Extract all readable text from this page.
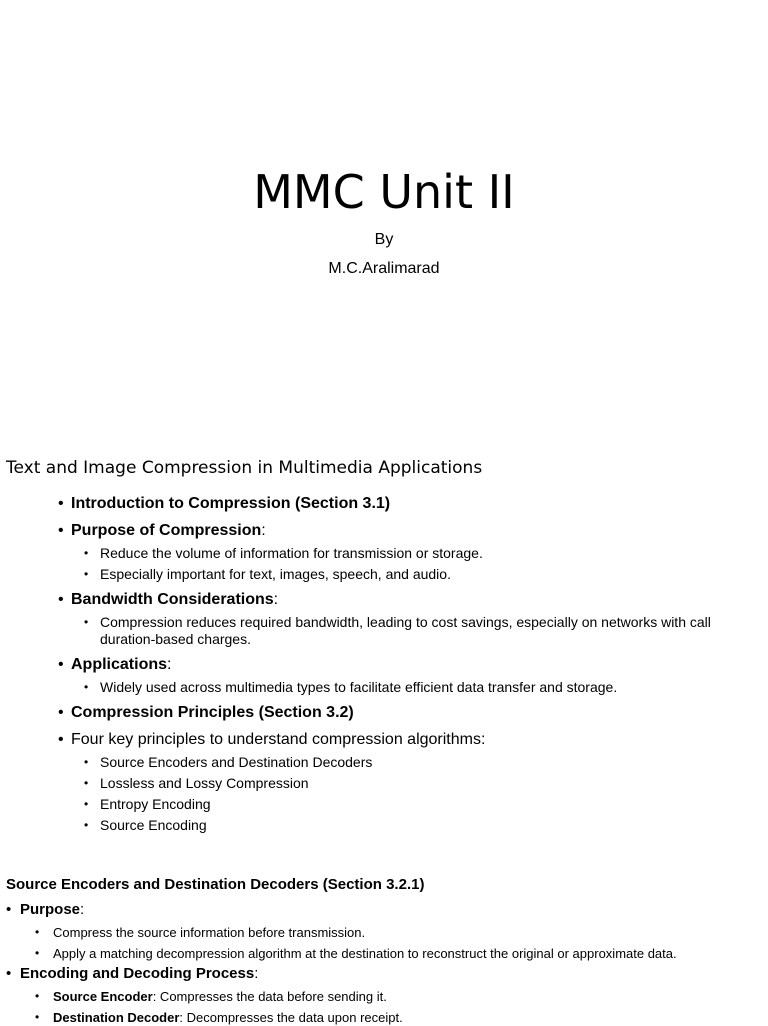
MMC Unit II
By
M.C.Aralimarad
Text and Image Compression in Multimedia Applications
• Introduction to Compression (Section 3.1)
• Purpose of Compression:
• Reduce the volume of information for transmission or storage.
• Especially important for text, images, speech, and audio.
• Bandwidth Considerations:
• Compression reduces required bandwidth, leading to cost savings, especially on networks with call duration-based charges.
• Applications:
• Widely used across multimedia types to facilitate efficient data transfer and storage.
• Compression Principles (Section 3.2)
• Four key principles to understand compression algorithms:
• Source Encoders and Destination Decoders
• Lossless and Lossy Compression
• Entropy Encoding
• Source Encoding
Source Encoders and Destination Decoders (Section 3.2.1)
• Purpose:
• Compress the source information before transmission.
• Apply a matching decompression algorithm at the destination to reconstruct the original or approximate data.
• Encoding and Decoding Process:
• Source Encoder: Compresses the data before sending it.
• Destination Decoder: Decompresses the data upon receipt.
